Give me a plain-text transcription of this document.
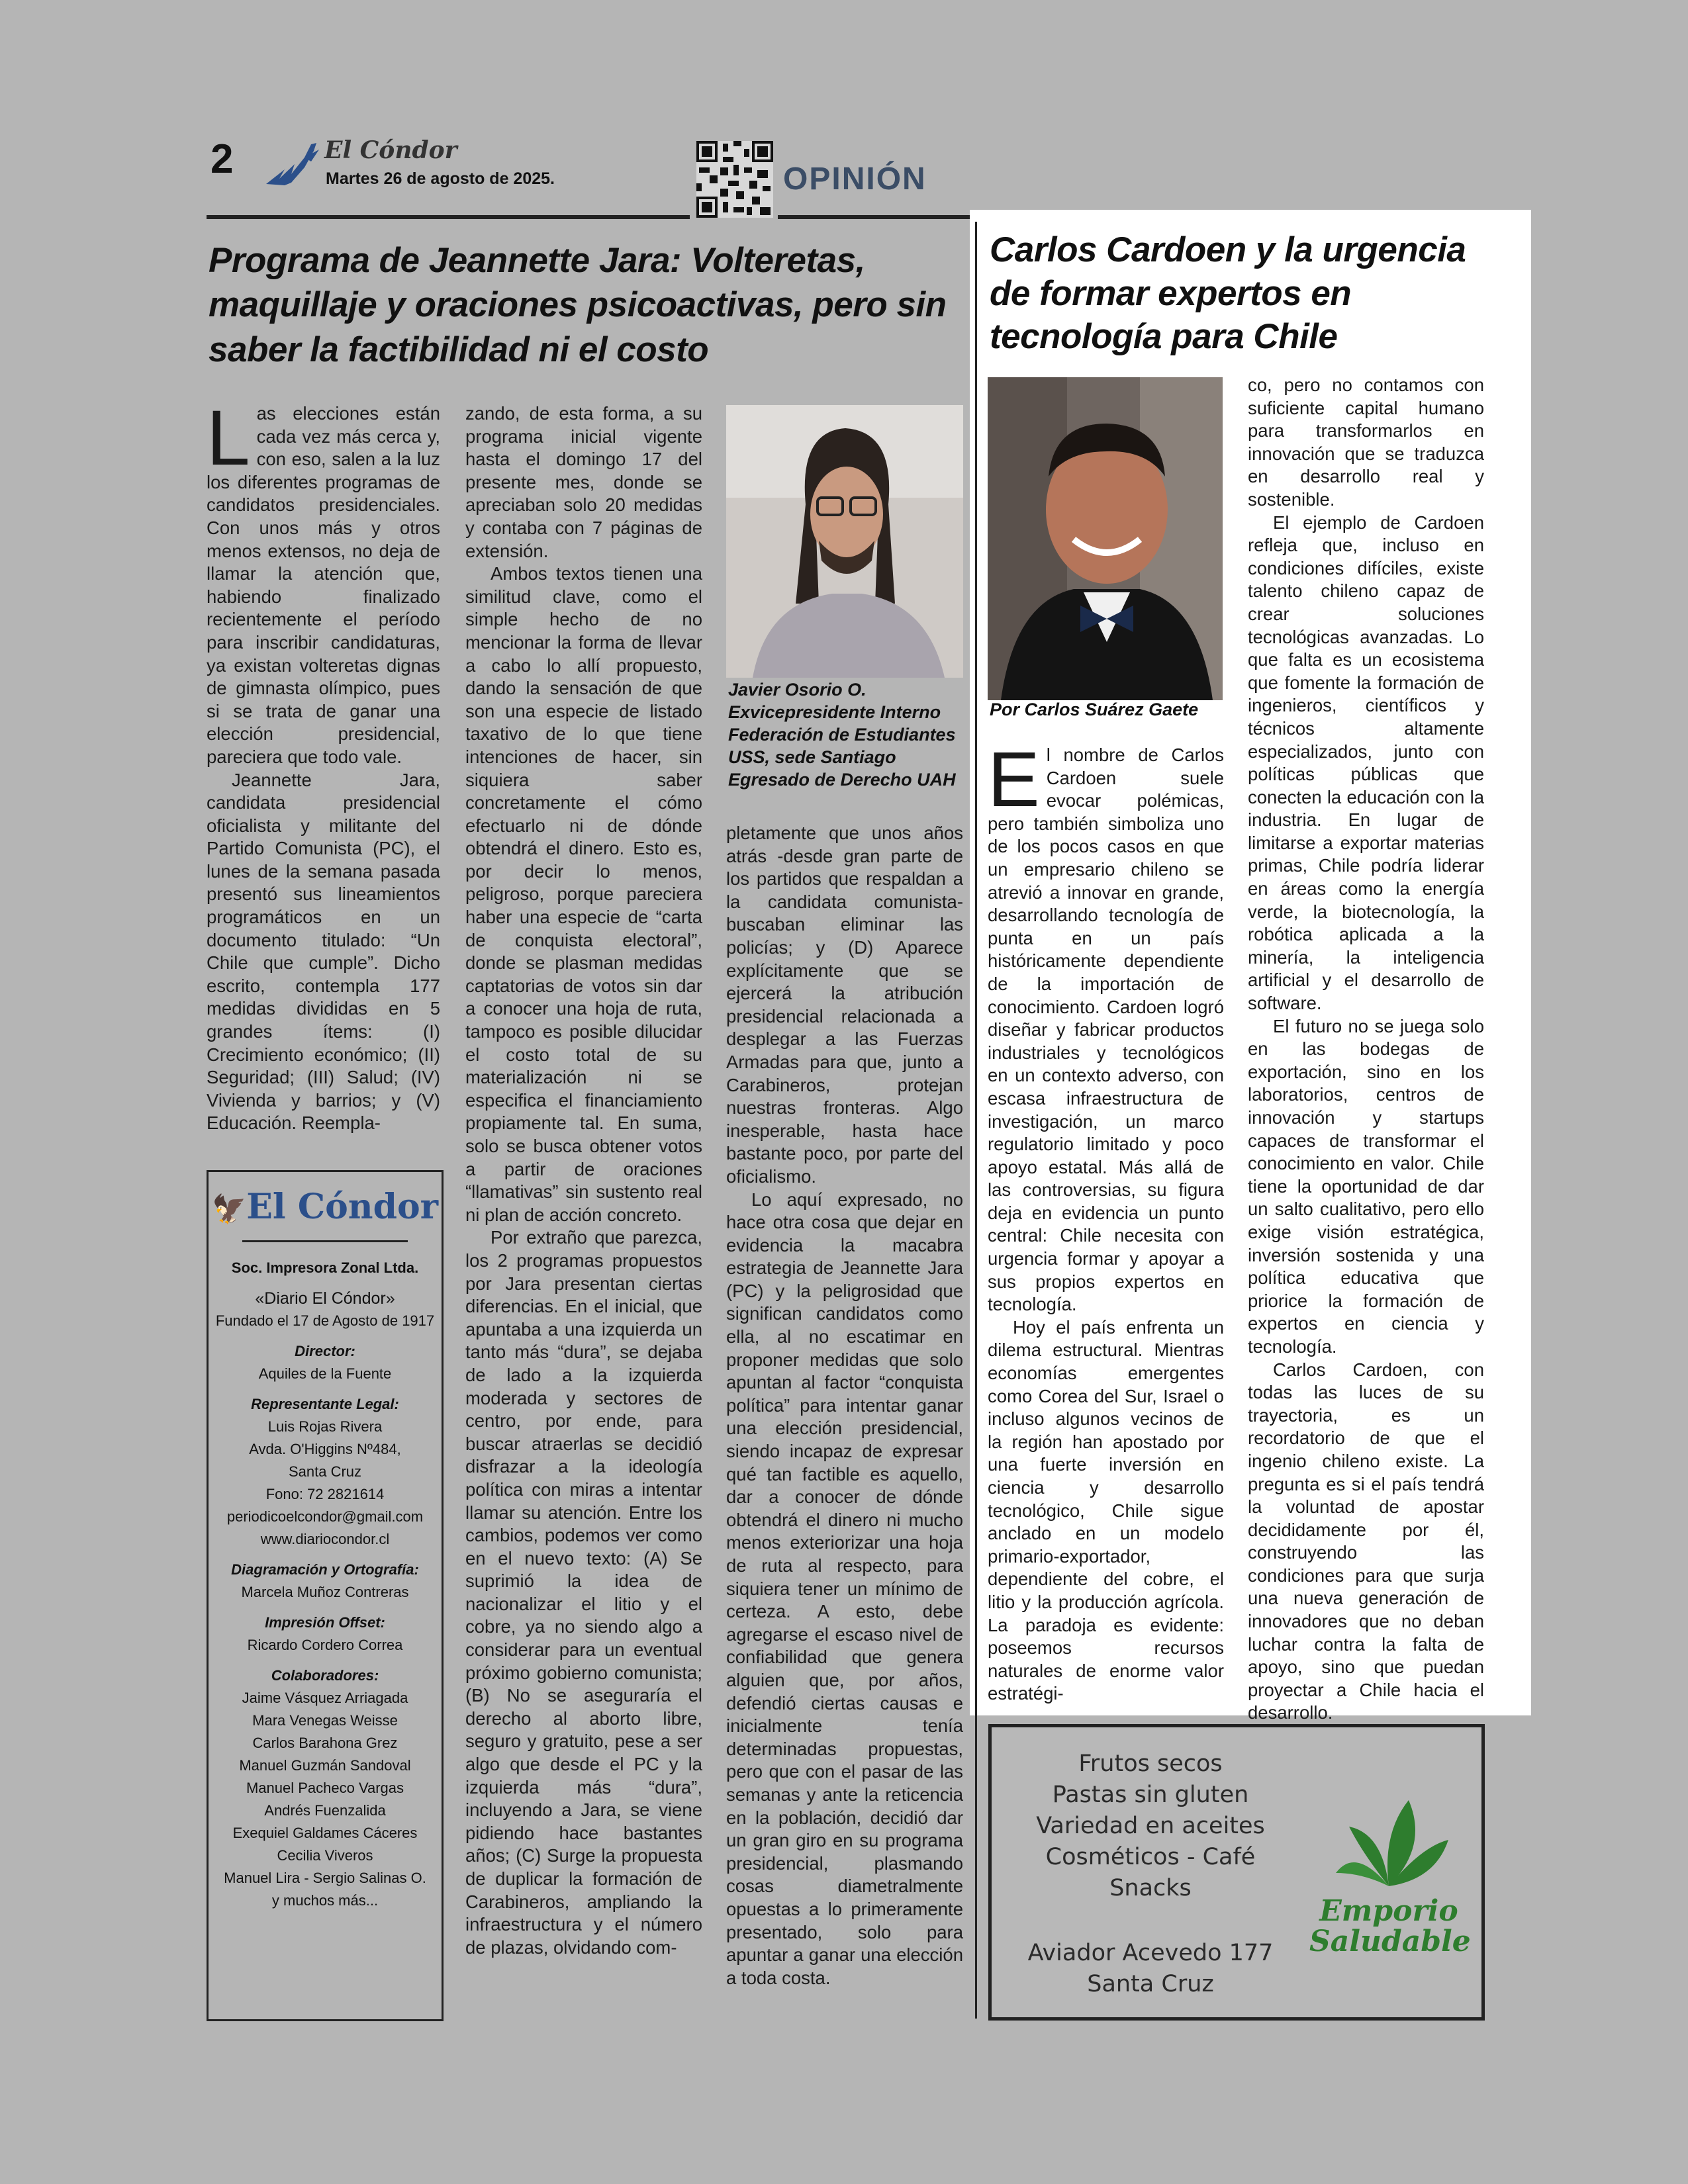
2	El Cóndor
Martes 26 de agosto de 2025.	OPINIÓN
Programa de Jeannette Jara: Volteretas, maquillaje y oraciones psicoactivas, pero sin saber la factibilidad ni el costo

Las elecciones están cada vez más cerca y, con eso, salen a la luz los diferentes programas de candidatos presidenciales. Con unos más y otros menos extensos, no deja de llamar la atención que, habiendo finalizado recientemente el período para inscribir candidaturas, ya existan volteretas dignas de gimnasta olímpico, pues si se trata de ganar una elección presidencial, pareciera que todo vale.

Jeannette Jara, candidata presidencial oficialista y militante del Partido Comunista (PC), el lunes de la semana pasada presentó sus lineamientos programáticos en un documento titulado: “Un Chile que cumple”. Dicho escrito, contempla 177 medidas divididas en 5 grandes ítems: (I) Crecimiento económico; (II) Seguridad; (III) Salud; (IV) Vivienda y barrios; y (V) Educación. Reempla-

zando, de esta forma, a su programa inicial vigente hasta el domingo 17 del presente mes, donde se apreciaban solo 20 medidas y contaba con 7 páginas de extensión.

Ambos textos tienen una similitud clave, como el simple hecho de no mencionar la forma de llevar a cabo lo allí propuesto, dando la sensación de que son una especie de listado taxativo de lo que tiene intenciones de hacer, sin siquiera saber concretamente el cómo efectuarlo ni de dónde obtendrá el dinero. Esto es, por decir lo menos, peligroso, porque pareciera haber una especie de “carta de conquista electoral”, donde se plasman medidas captatorias de votos sin dar a conocer una hoja de ruta, tampoco es posible dilucidar el costo total de su materialización ni se especifica el financiamiento propiamente tal. En suma, solo se busca obtener votos a partir de oraciones “llamativas” sin sustento real ni plan de acción concreto.

Por extraño que parezca, los 2 programas propuestos por Jara presentan ciertas diferencias. En el inicial, que apuntaba a una izquierda un tanto más “dura”, se dejaba de lado a la izquierda moderada y sectores de centro, por ende, para buscar atraerlas se decidió disfrazar a la ideología política con miras a intentar llamar su atención. Entre los cambios, podemos ver como en el nuevo texto: (A) Se suprimió la idea de nacionalizar el litio y el cobre, ya no siendo algo a considerar para un eventual próximo gobierno comunista; (B) No se aseguraría el derecho al aborto libre, seguro y gratuito, pese a ser algo que desde el PC y la izquierda más “dura”, incluyendo a Jara, se viene pidiendo hace bastantes años; (C) Surge la propuesta de duplicar la formación de Carabineros, ampliando la infraestructura y el número de plazas, olvidando com-

Javier Osorio O.
Exvicepresidente Interno
Federación de Estudiantes
USS, sede Santiago
Egresado de Derecho UAH

pletamente que unos años atrás -desde gran parte de los partidos que respaldan a la candidata comunista- buscaban eliminar las policías; y (D) Aparece explícitamente que se ejercerá la atribución presidencial relacionada a desplegar a las Fuerzas Armadas para que, junto a Carabineros, protejan nuestras fronteras. Algo inesperable, hasta hace bastante poco, por parte del oficialismo.

Lo aquí expresado, no hace otra cosa que dejar en evidencia la macabra estrategia de Jeannette Jara (PC) y la peligrosidad que significan candidatos como ella, al no escatimar en proponer medidas que solo apuntan al factor “conquista política” para intentar ganar una elección presidencial, siendo incapaz de expresar qué tan factible es aquello, dar a conocer de dónde obtendrá el dinero ni mucho menos exteriorizar una hoja de ruta al respecto, para siquiera tener un mínimo de certeza. A esto, debe agregarse el escaso nivel de confiabilidad que genera alguien que, por años, defendió ciertas causas e inicialmente tenía determinadas propuestas, pero que con el pasar de las semanas y ante la reticencia en la población, decidió dar un gran giro en su programa presidencial, plasmando cosas diametralmente opuestas a lo primeramente presentado, solo para apuntar a ganar una elección a toda costa.

🦅El Cóndor
Soc. Impresora Zonal Ltda.
«Diario El Cóndor»
Fundado el 17 de Agosto de 1917
Director:
Aquiles de la Fuente
Representante Legal:
Luis Rojas Rivera
Avda. O'Higgins Nº484,
Santa Cruz
Fono: 72 2821614
periodicoelcondor@gmail.com
www.diariocondor.cl
Diagramación y Ortografía:
Marcela Muñoz Contreras
Impresión Offset:
Ricardo Cordero Correa
Colaboradores:
Jaime Vásquez Arriagada
Mara Venegas Weisse
Carlos Barahona Grez
Manuel Guzmán Sandoval
Manuel Pacheco Vargas
Andrés Fuenzalida
Exequiel Galdames Cáceres
Cecilia Viveros
Manuel Lira - Sergio Salinas O.
y muchos más...
Carlos Cardoen y la urgencia de formar expertos en tecnología para Chile
Por Carlos Suárez Gaete

El nombre de Carlos Cardoen suele evocar polémicas, pero también simboliza uno de los pocos casos en que un empresario chileno se atrevió a innovar en grande, desarrollando tecnología de punta en un país históricamente dependiente de la importación de conocimiento. Cardoen logró diseñar y fabricar productos industriales y tecnológicos en un contexto adverso, con escasa infraestructura de investigación, un marco regulatorio limitado y poco apoyo estatal. Más allá de las controversias, su figura deja en evidencia un punto central: Chile necesita con urgencia formar y apoyar a sus propios expertos en tecnología.

Hoy el país enfrenta un dilema estructural. Mientras economías emergentes como Corea del Sur, Israel o incluso algunos vecinos de la región han apostado por una fuerte inversión en ciencia y desarrollo tecnológico, Chile sigue anclado en un modelo primario-exportador, dependiente del cobre, el litio y la producción agrícola. La paradoja es evidente: poseemos recursos naturales de enorme valor estratégi-

co, pero no contamos con suficiente capital humano para transformarlos en innovación que se traduzca en desarrollo real y sostenible.

El ejemplo de Cardoen refleja que, incluso en condiciones difíciles, existe talento chileno capaz de crear soluciones tecnológicas avanzadas. Lo que falta es un ecosistema que fomente la formación de ingenieros, científicos y técnicos altamente especializados, junto con políticas públicas que conecten la educación con la industria. En lugar de limitarse a exportar materias primas, Chile podría liderar en áreas como la energía verde, la biotecnología, la robótica aplicada a la minería, la inteligencia artificial y el desarrollo de software.

El futuro no se juega solo en las bodegas de exportación, sino en los laboratorios, centros de innovación y startups capaces de transformar el conocimiento en valor. Chile tiene la oportunidad de dar un salto cualitativo, pero ello exige visión estratégica, inversión sostenida y una política educativa que priorice la formación de expertos en ciencia y tecnología.

Carlos Cardoen, con todas las luces de su trayectoria, es un recordatorio de que el ingenio chileno existe. La pregunta es si el país tendrá la voluntad de apostar decididamente por él, construyendo las condiciones para que surja una nueva generación de innovadores que no deban luchar contra la falta de apoyo, sino que puedan proyectar a Chile hacia el desarrollo.

Frutos secos
Pastas sin gluten
Variedad en aceites
Cosméticos - Café
Snacks
Aviador Acevedo 177
Santa Cruz
Emporio
Saludable
